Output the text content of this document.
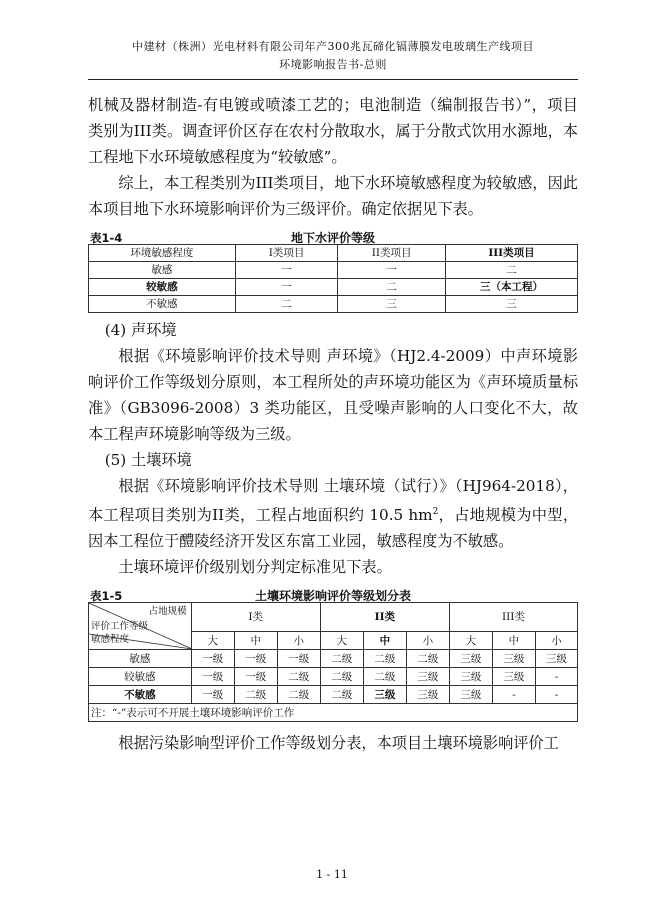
中建材（株洲）光电材料有限公司年产300兆瓦碲化镉薄膜发电玻璃生产线项目
环境影响报告书-总则

机械及器材制造-有电镀或喷漆工艺的；电池制造（编制报告书）”，项目类别为III类。调查评价区存在农村分散取水，属于分散式饮用水源地，本工程地下水环境敏感程度为“较敏感”。

综上，本工程类别为III类项目，地下水环境敏感程度为较敏感，因此本项目地下水环境影响评价为三级评价。确定依据见下表。

表1-4	地下水评价等级
环境敏感程度	I类项目	II类项目	III类项目
敏感	一	一	二
较敏感	一	二	三（本工程）
不敏感	二	三	三

(4) 声环境

根据《环境影响评价技术导则 声环境》（HJ2.4-2009）中声环境影响评价工作等级划分原则，本工程所处的声环境功能区为《声环境质量标准》（GB3096-2008）3 类功能区，且受噪声影响的人口变化不大，故本工程声环境影响等级为三级。

(5) 土壤环境

根据《环境影响评价技术导则 土壤环境（试行）》（HJ964-2018），本工程项目类别为II类，工程占地面积约 10.5 $hm^2$，占地规模为中型，因本工程位于醴陵经济开发区东富工业园，敏感程度为不敏感。

土壤环境评价级别划分判定标准见下表。

表1-5	土壤环境影响评价等级划分表
占地规模
评价工作等级
敏感程度	I类			II类			III类		
	大	中	小	大	中	小	大	中	小
敏感	一级	一级	一级	二级	二级	二级	三级	三级	三级
较敏感	一级	一级	二级	二级	二级	三级	三级	三级	-
不敏感	一级	二级	二级	二级	三级	三级	三级	-	-
注：“-”表示可不开展土壤环境影响评价工作									

根据污染影响型评价工作等级划分表，本项目土壤环境影响评价工

1 - 11
